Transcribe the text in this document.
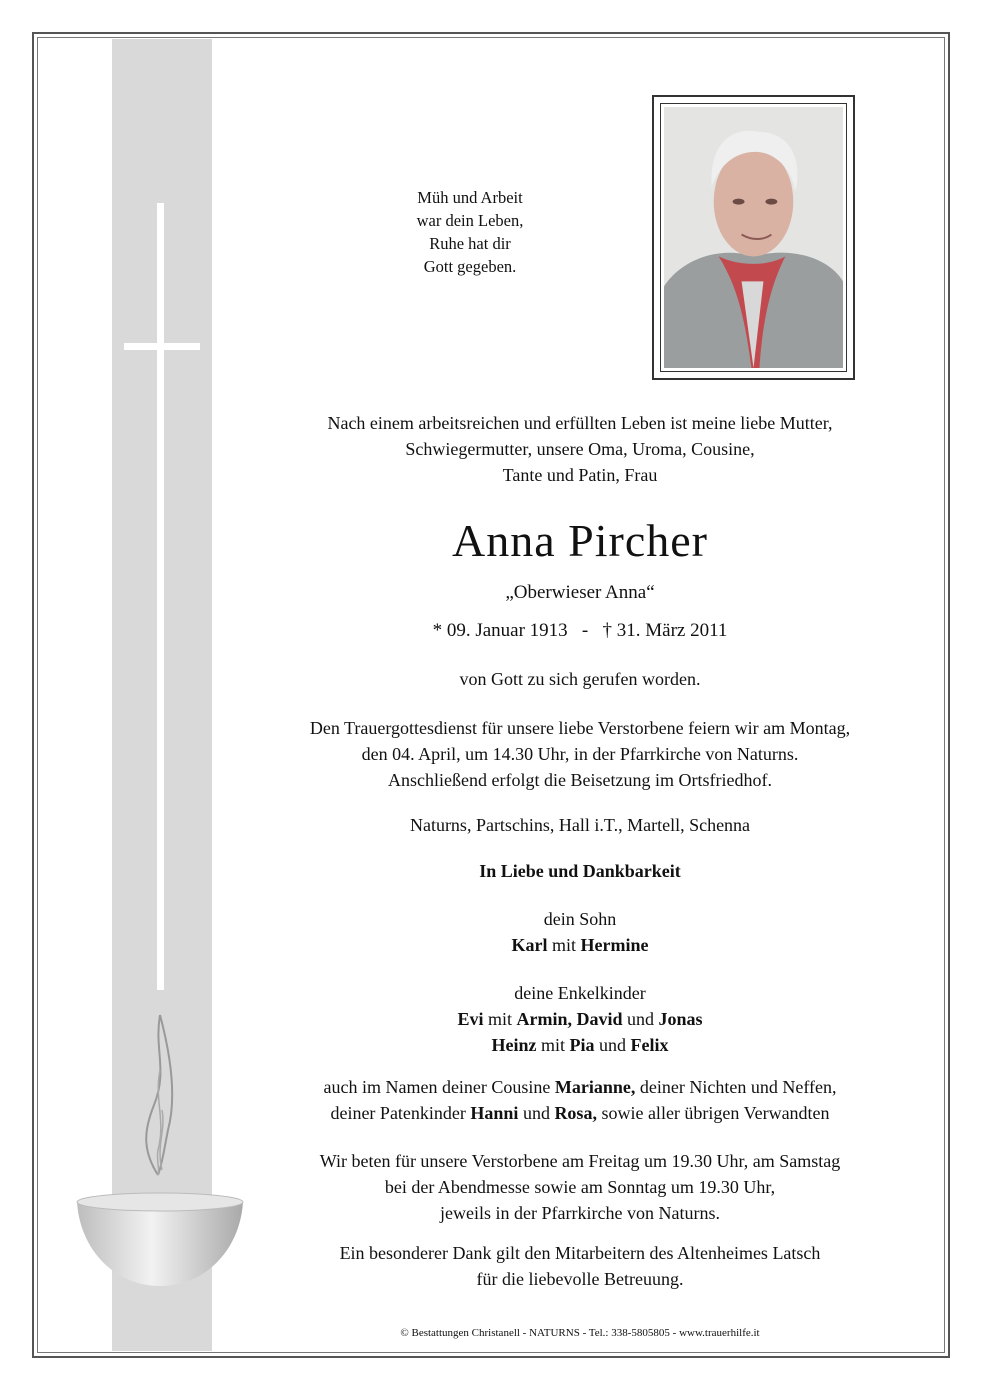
Müh und Arbeit
war dein Leben,
Ruhe hat dir
Gott gegeben.

Nach einem arbeitsreichen und erfüllten Leben ist meine liebe Mutter,

Schwiegermutter, unsere Oma, Uroma, Cousine,

Tante und Patin, Frau

Anna Pircher
„Oberwieser Anna“
* 09. Januar 1913   -   † 31. März 2011
von Gott zu sich gerufen worden.

Den Trauergottesdienst für unsere liebe Verstorbene feiern wir am Montag,

den 04. April, um 14.30 Uhr, in der Pfarrkirche von Naturns.

Anschließend erfolgt die Beisetzung im Ortsfriedhof.

Naturns, Partschins, Hall i.T., Martell, Schenna
In Liebe und Dankbarkeit

dein Sohn

Karl mit Hermine

deine Enkelkinder

Evi mit Armin, David und Jonas

Heinz mit Pia und Felix

auch im Namen deiner Cousine Marianne, deiner Nichten und Neffen,

deiner Patenkinder Hanni und Rosa, sowie aller übrigen Verwandten

Wir beten für unsere Verstorbene am Freitag um 19.30 Uhr, am Samstag

bei der Abendmesse sowie am Sonntag um 19.30 Uhr,

jeweils in der Pfarrkirche von Naturns.

Ein besonderer Dank gilt den Mitarbeitern des Altenheimes Latsch

für die liebevolle Betreuung.

© Bestattungen Christanell - NATURNS - Tel.: 338-5805805 - www.trauerhilfe.it
